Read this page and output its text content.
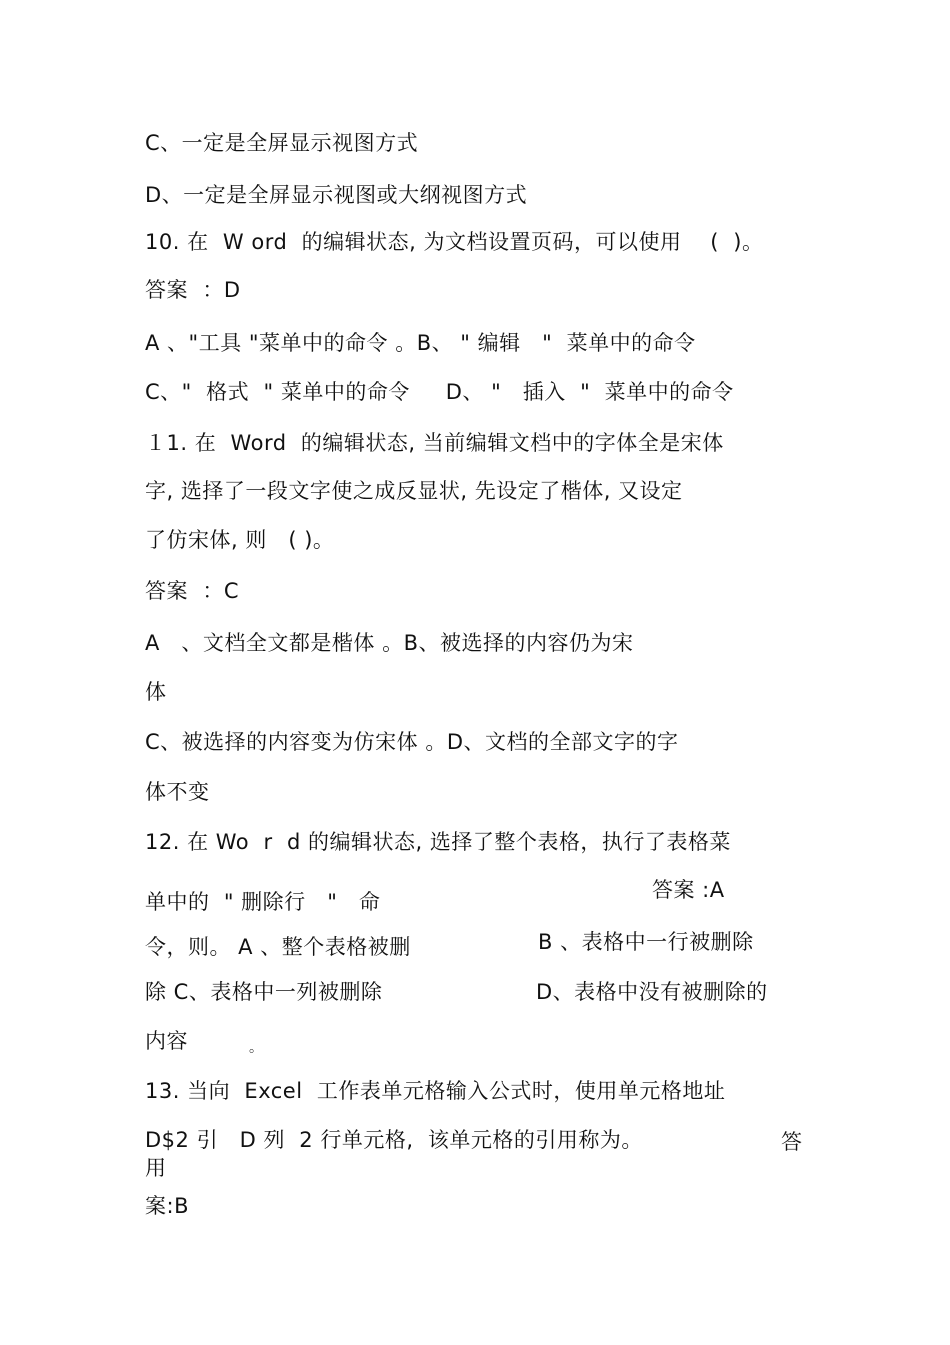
C、一定是全屏显示视图方式
D、一定是全屏显示视图或大纲视图方式
10. 在  W ord  的编辑状态, 为文档设置页码，可以使用    (  )。
答案  ：D
A 、"工具 "菜单中的命令 。B、 " 编辑   "  菜单中的命令
C、"  格式  " 菜单中的命令     D、 "   插入  "  菜单中的命令
１1. 在  Word  的编辑状态, 当前编辑文档中的字体全是宋体
字, 选择了一段文字使之成反显状, 先设定了楷体, 又设定
了仿宋体, 则   ( )。
答案  ：C
A   、文档全文都是楷体 。B、被选择的内容仍为宋
体
C、被选择的内容变为仿宋体 。D、文档的全部文字的字
体不变
12. 在 Wo  r  d 的编辑状态, 选择了整个表格，执行了表格菜
答案 :A
单中的  " 删除行   "   命
令，则。 A 、整个表格被删	B 、表格中一行被删除
除 C、表格中一列被删除	D、表格中没有被删除的
内容	。
13. 当向  Excel  工作表单元格输入公式时，使用单元格地址
D$2 引   D 列  2 行单元格,  该单元格的引用称为。	答
用
案:B
